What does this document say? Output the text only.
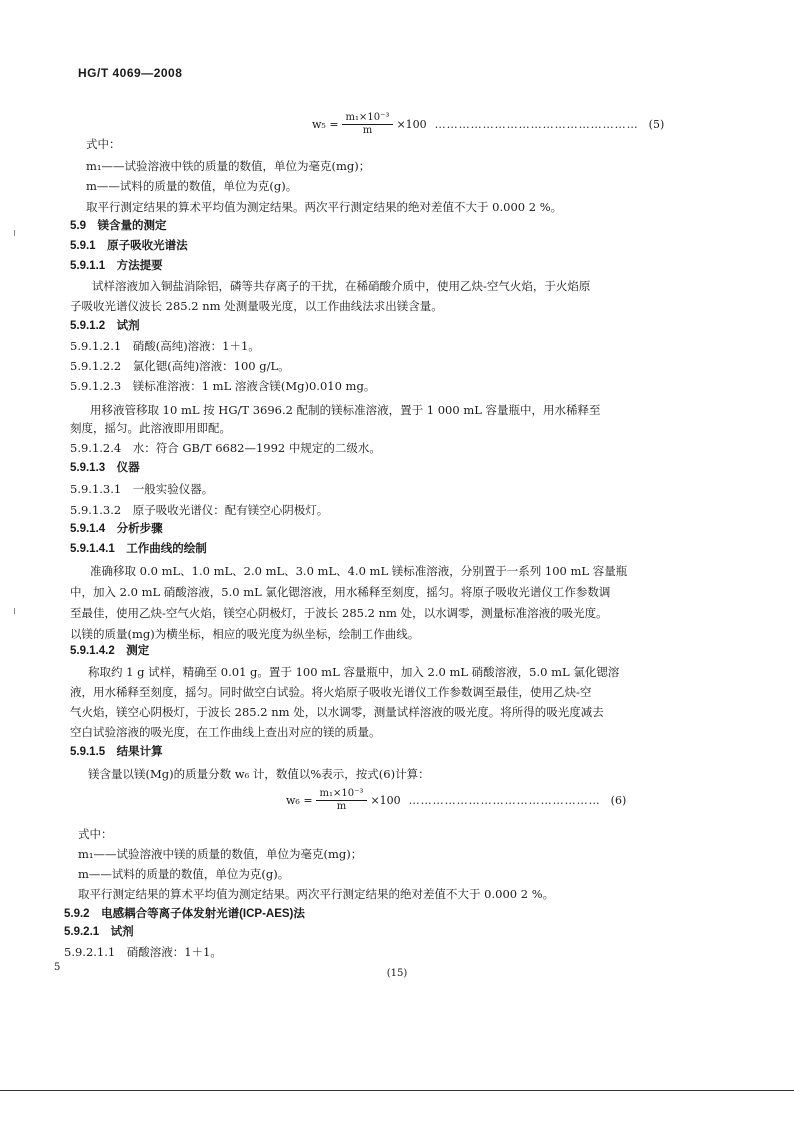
HG/T 4069—2008
$w_5 = \frac{\text{m₁×10⁻³}}{m} \times 100$ …………………………………………… (5)
式中：
m₁——试验溶液中铁的质量的数值，单位为毫克(mg)；
m——试料的质量的数值，单位为克(g)。
取平行测定结果的算术平均值为测定结果。两次平行测定结果的绝对差值不大于 0.000 2 %。
5.9　镁含量的测定
5.9.1　原子吸收光谱法
5.9.1.1　方法提要
试样溶液加入铜盐消除铝，磷等共存离子的干扰，在稀硝酸介质中，使用乙炔-空气火焰，于火焰原
子吸收光谱仪波长 285.2 nm 处测量吸光度，以工作曲线法求出镁含量。
5.9.1.2　试剂
5.9.1.2.1　硝酸(高纯)溶液：1＋1。
5.9.1.2.2　氯化锶(高纯)溶液：100 g/L。
5.9.1.2.3　镁标准溶液：1 mL 溶液含镁(Mg)0.010 mg。
用移液管移取 10 mL 按 HG/T 3696.2 配制的镁标准溶液，置于 1 000 mL 容量瓶中，用水稀释至
刻度，摇匀。此溶液即用即配。
5.9.1.2.4　水：符合 GB/T 6682—1992 中规定的二级水。
5.9.1.3　仪器
5.9.1.3.1　一般实验仪器。
5.9.1.3.2　原子吸收光谱仪：配有镁空心阴极灯。
5.9.1.4　分析步骤
5.9.1.4.1　工作曲线的绘制
准确移取 0.0 mL、1.0 mL、2.0 mL、3.0 mL、4.0 mL 镁标准溶液，分别置于一系列 100 mL 容量瓶
中，加入 2.0 mL 硝酸溶液，5.0 mL 氯化锶溶液，用水稀释至刻度，摇匀。将原子吸收光谱仪工作参数调
至最佳，使用乙炔-空气火焰，镁空心阴极灯，于波长 285.2 nm 处，以水调零，测量标准溶液的吸光度。
以镁的质量(mg)为横坐标，相应的吸光度为纵坐标，绘制工作曲线。
5.9.1.4.2　测定
称取约 1 g 试样，精确至 0.01 g。置于 100 mL 容量瓶中，加入 2.0 mL 硝酸溶液，5.0 mL 氯化锶溶
液，用水稀释至刻度，摇匀。同时做空白试验。将火焰原子吸收光谱仪工作参数调至最佳，使用乙炔-空
气火焰，镁空心阴极灯，于波长 285.2 nm 处，以水调零，测量试样溶液的吸光度。将所得的吸光度减去
空白试验溶液的吸光度，在工作曲线上查出对应的镁的质量。
5.9.1.5　结果计算
镁含量以镁(Mg)的质量分数 w₆ 计，数值以%表示，按式(6)计算：
$w_6 = \frac{\text{m₁×10⁻³}}{m} \times 100$ ………………………………………… (6)
式中：
m₁——试验溶液中镁的质量的数值，单位为毫克(mg)；
m——试料的质量的数值，单位为克(g)。
取平行测定结果的算术平均值为测定结果。两次平行测定结果的绝对差值不大于 0.000 2 %。
5.9.2　电感耦合等离子体发射光谱(ICP-AES)法
5.9.2.1　试剂
5.9.2.1.1　硝酸溶液：1＋1。
5
(15)
